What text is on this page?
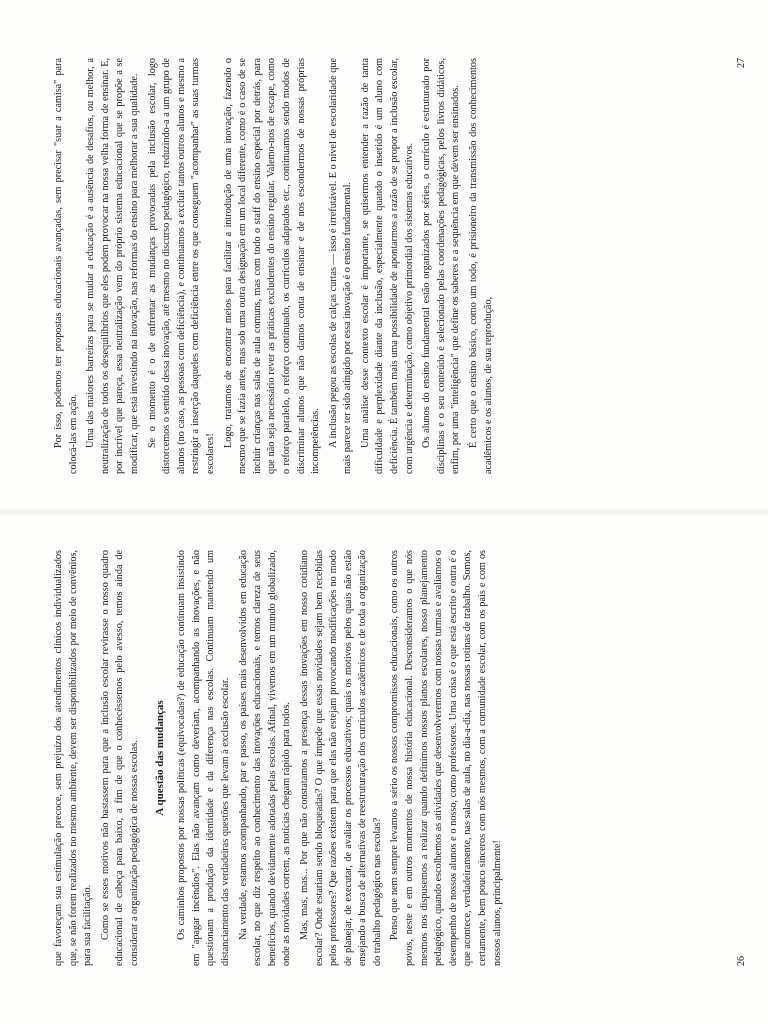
que favoreçam sua estimulação precoce, sem prejuízo dos atendimentos clínicos individualizados que, se não forem realizados no mesmo ambiente, devem ser disponibilizados por meio de convênios, para sua facilitação. Como se esses motivos não bastassem para que a inclusão escolar revirasse o nosso quadro educacional de cabeça para baixo, a fim de que o conhecêssemos pelo avesso, temos ainda de considerar a organização pedagógica de nossas escolas. A questão das mudanças Os caminhos propostos por nossas políticas (equivocadas?) de educação continuam insistindo em "apagar incêndios". Elas não avançam como deveriam, acompanhando as inovações, e não questionam a produção da identidade e da diferença nas escolas. Continuam mantendo um distanciamento das verdadeiras questões que levam à exclusão escolar. Na verdade, estamos acompanhando, par e passo, os países mais desenvolvidos em educação escolar, no que diz respeito ao conhecimento das inovações educacionais, e temos clareza de seus benefícios, quando devidamente adotadas pelas escolas. Afinal, vivemos em um mundo globalizado, onde as novidades correm, as notícias chegam rápido para todos. Mas, mas, mas... Por que não constatamos a presença dessas inovações em nosso cotidiano escolar? Onde estariam sendo bloqueadas? O que impede que essas novidades sejam bem recebidas pelos professores? Que razões existem para que elas não estejam provocando modificações no modo de planejar, de executar, de avaliar os processos educativos; quais os motivos pelos quais não estão ensejando a busca de alternativas de reestruturação dos currículos acadêmicos e de toda a organização do trabalho pedagógico nas escolas? Penso que nem sempre levamos a sério os nossos compromissos educacionais, como os outros povos, neste e em outros momentos de nossa história educacional. Desconsideramos o que nós mesmos nos dispusemos a realizar quando definimos nossos planos escolares, nosso planejamento pedagógico, quando escolhemos as atividades que desenvolveremos com nossas turmas e avaliamos o desempenho de nossos alunos e o nosso, como professores. Uma coisa é o que está escrito e outra é o que acontece, verdadeiramente, nas salas de aula, no dia-a-dia, nas nossas rotinas de trabalho. Somos, certamente, bem pouco sinceros com nós mesmos, com a comunidade escolar, com os pais e com os nossos alunos, principalmente!	26

Por isso, podemos ter propostas educacionais avançadas, sem precisar "suar a camisa" para colocá-las em ação. Uma das maiores barreiras para se mudar a educação é a ausência de desafios, ou melhor, a neutralização de todos os desequilíbrios que eles podem provocar na nossa velha forma de ensinar. E, por incrível que pareça, essa neutralização vem do próprio sistema educacional que se propõe a se modificar, que está investindo na inovação, nas reformas do ensino para melhorar a sua qualidade. Se o momento é o de enfrentar as mudanças provocadas pela inclusão escolar, logo distorcemos o sentido dessa inovação, até mesmo no discurso pedagógico, reduzindo-a a um grupo de alunos (no caso, as pessoas com deficiência), e continuamos a excluir tantos outros alunos e mesmo a restringir a inserção daqueles com deficiência entre os que conseguem "acompanhar" as suas turmas escolares!

Logo, tratamos de encontrar meios para facilitar a introdução de uma inovação, fazendo o mesmo que se fazia antes, mas sob uma outra designação em um local diferente, como é o caso de se incluir crianças nas salas de aula comuns, mas com todo o staff do ensino especial por detrás, para que não seja necessário rever as práticas excludentes do ensino regular. Valemo-nos de escape, como o reforço paralelo, o reforço continuado, os currículos adaptados etc., continuamos sendo modos de discriminar alunos que não damos conta de ensinar e de nos escondermos de nossas próprias incompetências. A inclusão pegou as escolas de calças curtas — isso é irrefutável. E o nível de escolaridade que mais parece ter sido atingido por essa inovação é o ensino fundamental. Uma análise desse contexto escolar é importante, se quisermos entender a razão de tanta dificuldade e perplexidade diante da inclusão, especialmente quando o inserido é um aluno com deficiência. É também mais uma possibilidade de apontarmos a razão de se propor a inclusão escolar, com urgência e determinação, como objetivo primordial dos sistemas educativos. Os alunos do ensino fundamental estão organizados por séries, o currículo é estruturado por disciplinas e o seu conteúdo é selecionado pelas coordenações pedagógicas, pelos livros didáticos, enfim, por uma "inteligência" que define os saberes e a sequência em que devem ser ensinados. É certo que o ensino básico, como um todo, é prisioneiro da transmissão dos conhecimentos acadêmicos e os alunos, de sua reprodução,

27
